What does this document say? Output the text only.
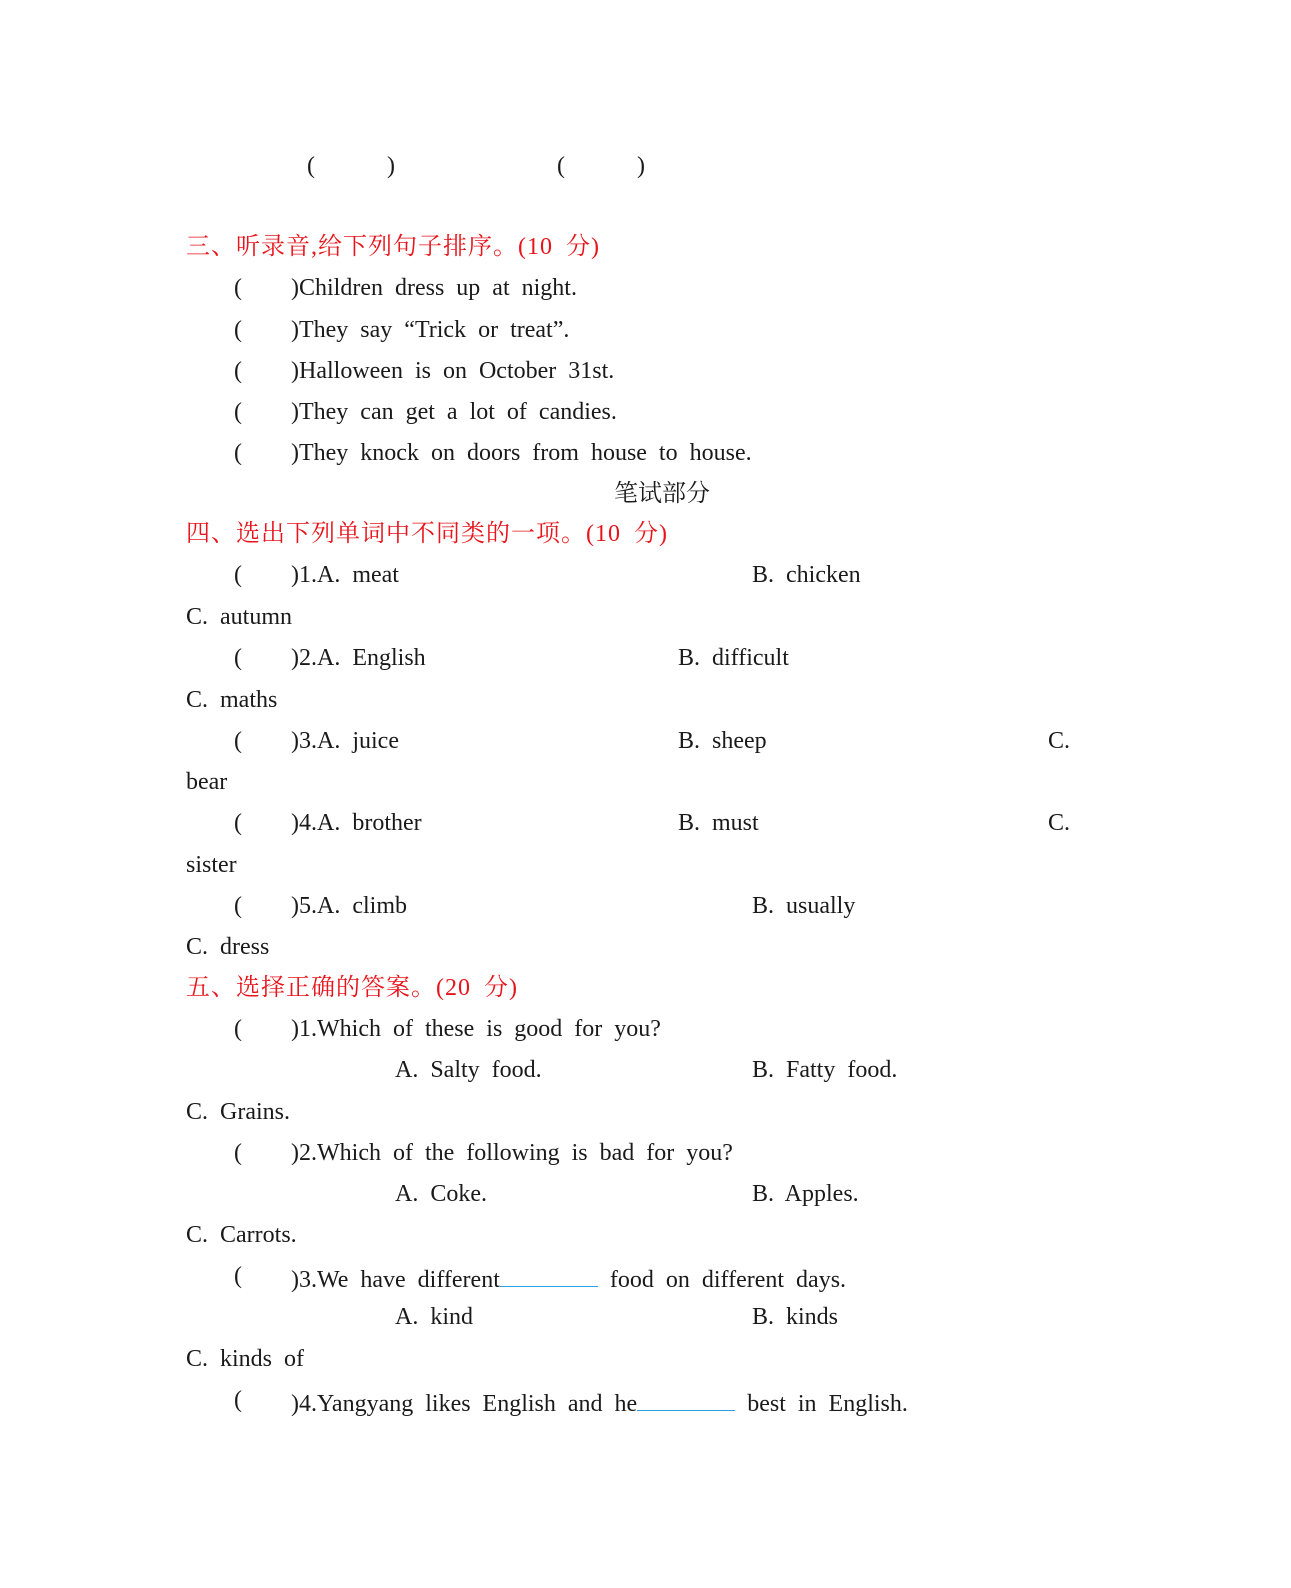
(      )	(      )
三、听录音,给下列句子排序。(10 分)
( )Children dress up at night.
( )They say “Trick or treat”.
( )Halloween is on October 31st.
( )They can get a lot of candies.
( )They knock on doors from house to house.
笔试部分
四、选出下列单词中不同类的一项。(10 分)
( )1.A. meat	B. chicken
C. autumn
( )2.A. English	B. difficult
C. maths
( )3.A. juice	B. sheep	C.
bear
( )4.A. brother	B. must	C.
sister
( )5.A. climb	B. usually
C. dress
五、选择正确的答案。(20 分)
( )1.Which of these is good for you?
A. Salty food.	B. Fatty food.
C. Grains.
( )2.Which of the following is bad for you?
A. Coke.	B. Apples.
C. Carrots.
( )3.We have different	food on different days.
A. kind	B. kinds
C. kinds of
( )4.Yangyang likes English and he	best in English.
